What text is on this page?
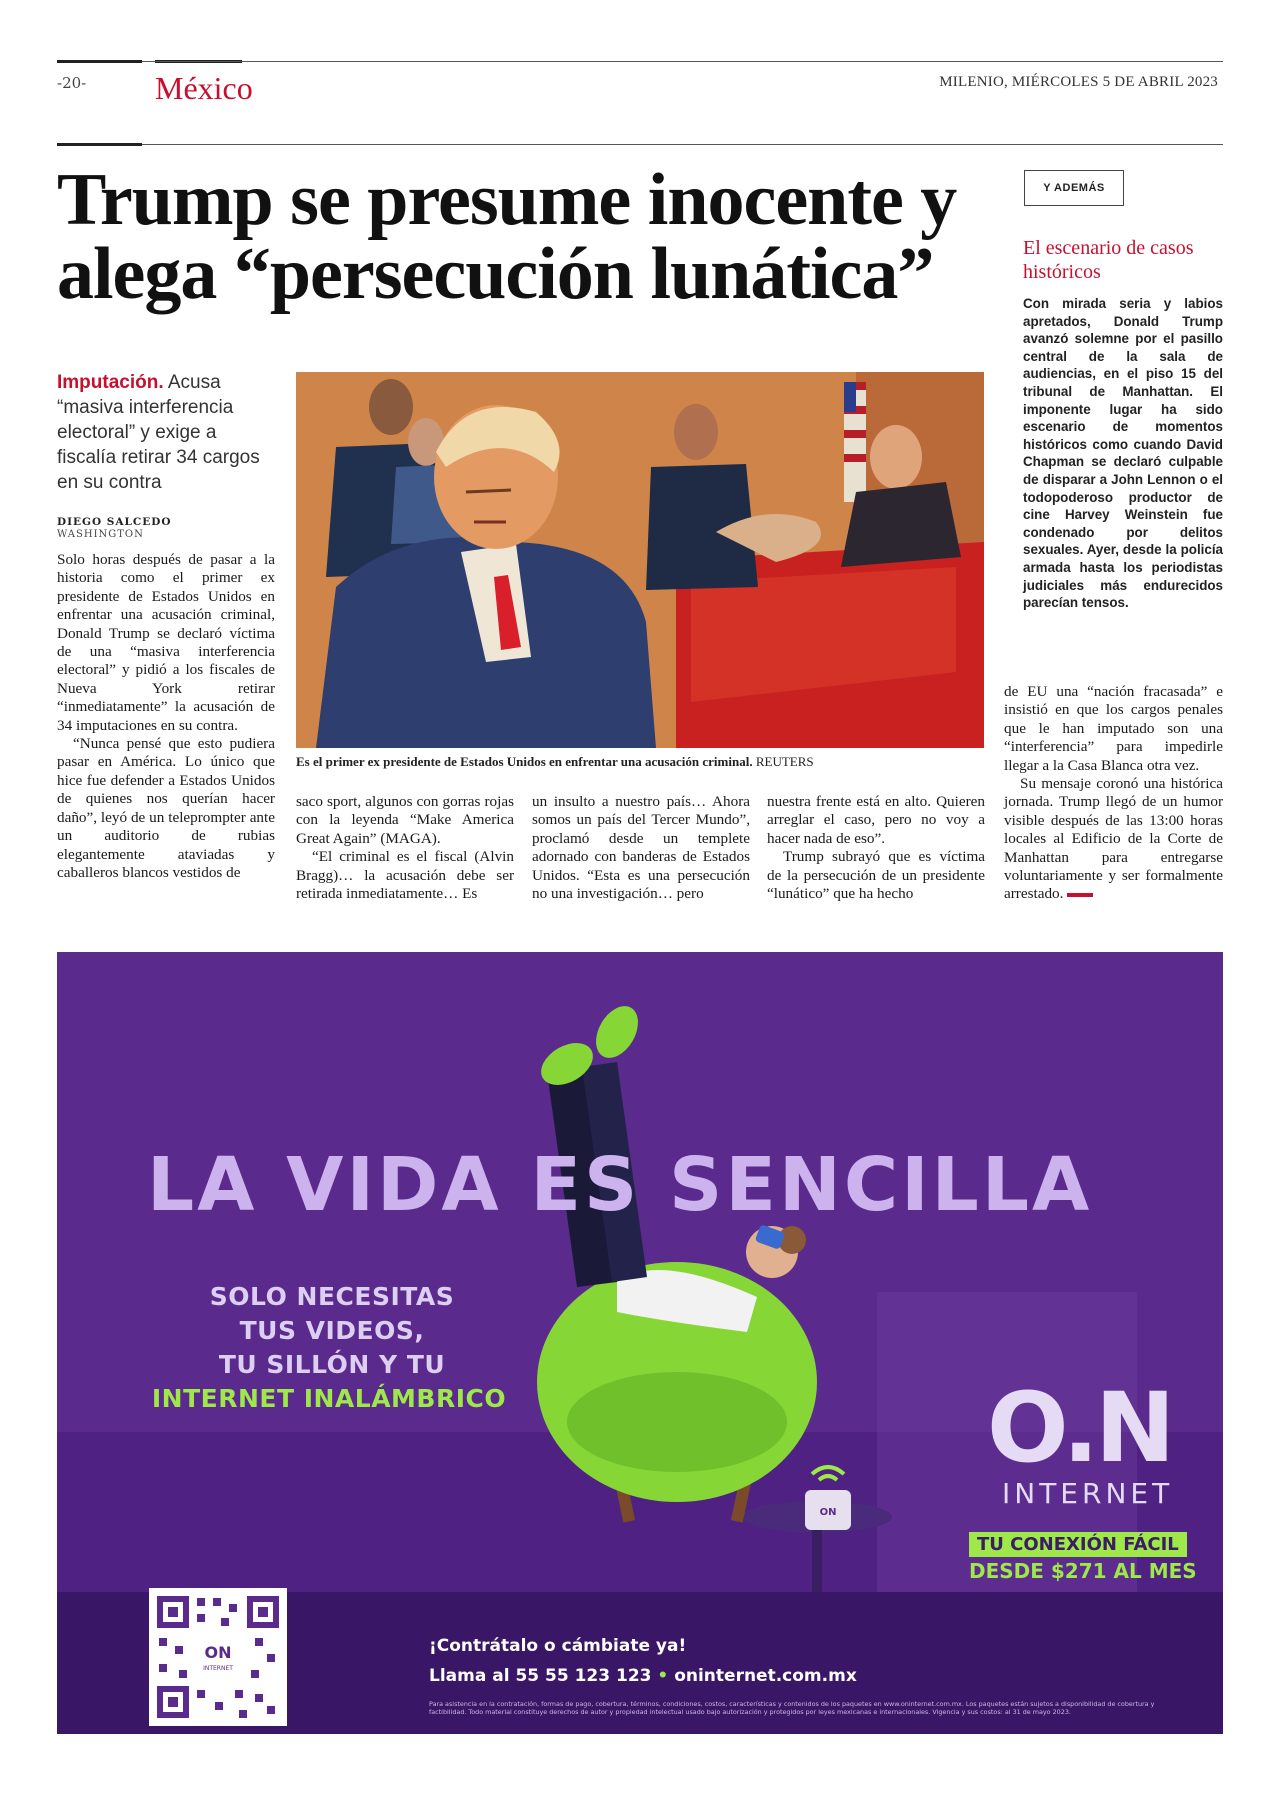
-20- México	MILENIO, MIÉRCOLES 5 DE ABRIL 2023
Trump se presume inocente y
alega “persecución lunática”
Imputación. Acusa “masiva interferencia electoral” y exige a fiscalía retirar 34 cargos en su contra
DIEGO SALCEDO
WASHINGTON

Solo horas después de pasar a la historia como el primer ex presidente de Estados Unidos en enfrentar una acusación criminal, Donald Trump se declaró víctima de una “masiva interferencia electoral” y pidió a los fiscales de Nueva York retirar “inmediatamente” la acusación de 34 imputaciones en su contra.

“Nunca pensé que esto pudiera pasar en América. Lo único que hice fue defender a Estados Unidos de quienes nos querían hacer daño”, leyó de un teleprompter ante un auditorio de rubias elegantemente ataviadas y caballeros blancos vestidos de

Es el primer ex presidente de Estados Unidos en enfrentar una acusación criminal. REUTERS

saco sport, algunos con gorras rojas con la leyenda “Make America Great Again” (MAGA).

“El criminal es el fiscal (Alvin Bragg)… la acusación debe ser retirada inmediatamente… Es

un insulto a nuestro país… Ahora somos un país del Tercer Mundo”, proclamó desde un templete adornado con banderas de Estados Unidos. “Esta es una persecución no una investigación… pero

nuestra frente está en alto. Quieren arreglar el caso, pero no voy a hacer nada de eso”.

Trump subrayó que es víctima de la persecución de un presidente “lunático” que ha hecho

de EU una “nación fracasada” e insistió en que los cargos penales que le han imputado son una “interferencia” para impedirle llegar a la Casa Blanca otra vez.

Su mensaje coronó una histórica jornada. Trump llegó de un humor visible después de las 13:00 horas locales al Edificio de la Corte de Manhattan para entregarse voluntariamente y ser formalmente arrestado.

Y ADEMÁS
El escenario de casos históricos
Con mirada seria y labios apretados, Donald Trump avanzó solemne por el pasillo central de la sala de audiencias, en el piso 15 del tribunal de Manhattan. El imponente lugar ha sido escenario de momentos históricos como cuando David Chapman se declaró culpable de disparar a John Lennon o el todopoderoso productor de cine Harvey Weinstein fue condenado por delitos sexuales. Ayer, desde la policía armada hasta los periodistas judiciales más endurecidos parecían tensos.
ON
LA VIDA ES SENCILLA
SOLO NECESITAS
TUS VIDEOS,
TU SILLÓN Y TU
INTERNET INALÁMBRICO	O.N
INTERNET
TU CONEXIÓN FÁCIL
DESDE $271 AL MES
ON
INTERNET
¡Contrátalo o cámbiate ya!
Llama al 55 55 123 123 • oninternet.com.mx
Para asistencia en la contratación, formas de pago, cobertura, términos, condiciones, costos, características y contenidos de los paquetes en www.oninternet.com.mx. Los paquetes están sujetos a disponibilidad de cobertura y factibilidad. Todo material constituye derechos de autor y propiedad intelectual usado bajo autorización y protegidos por leyes mexicanas e internacionales. Vigencia y sus costos: al 31 de mayo 2023.
